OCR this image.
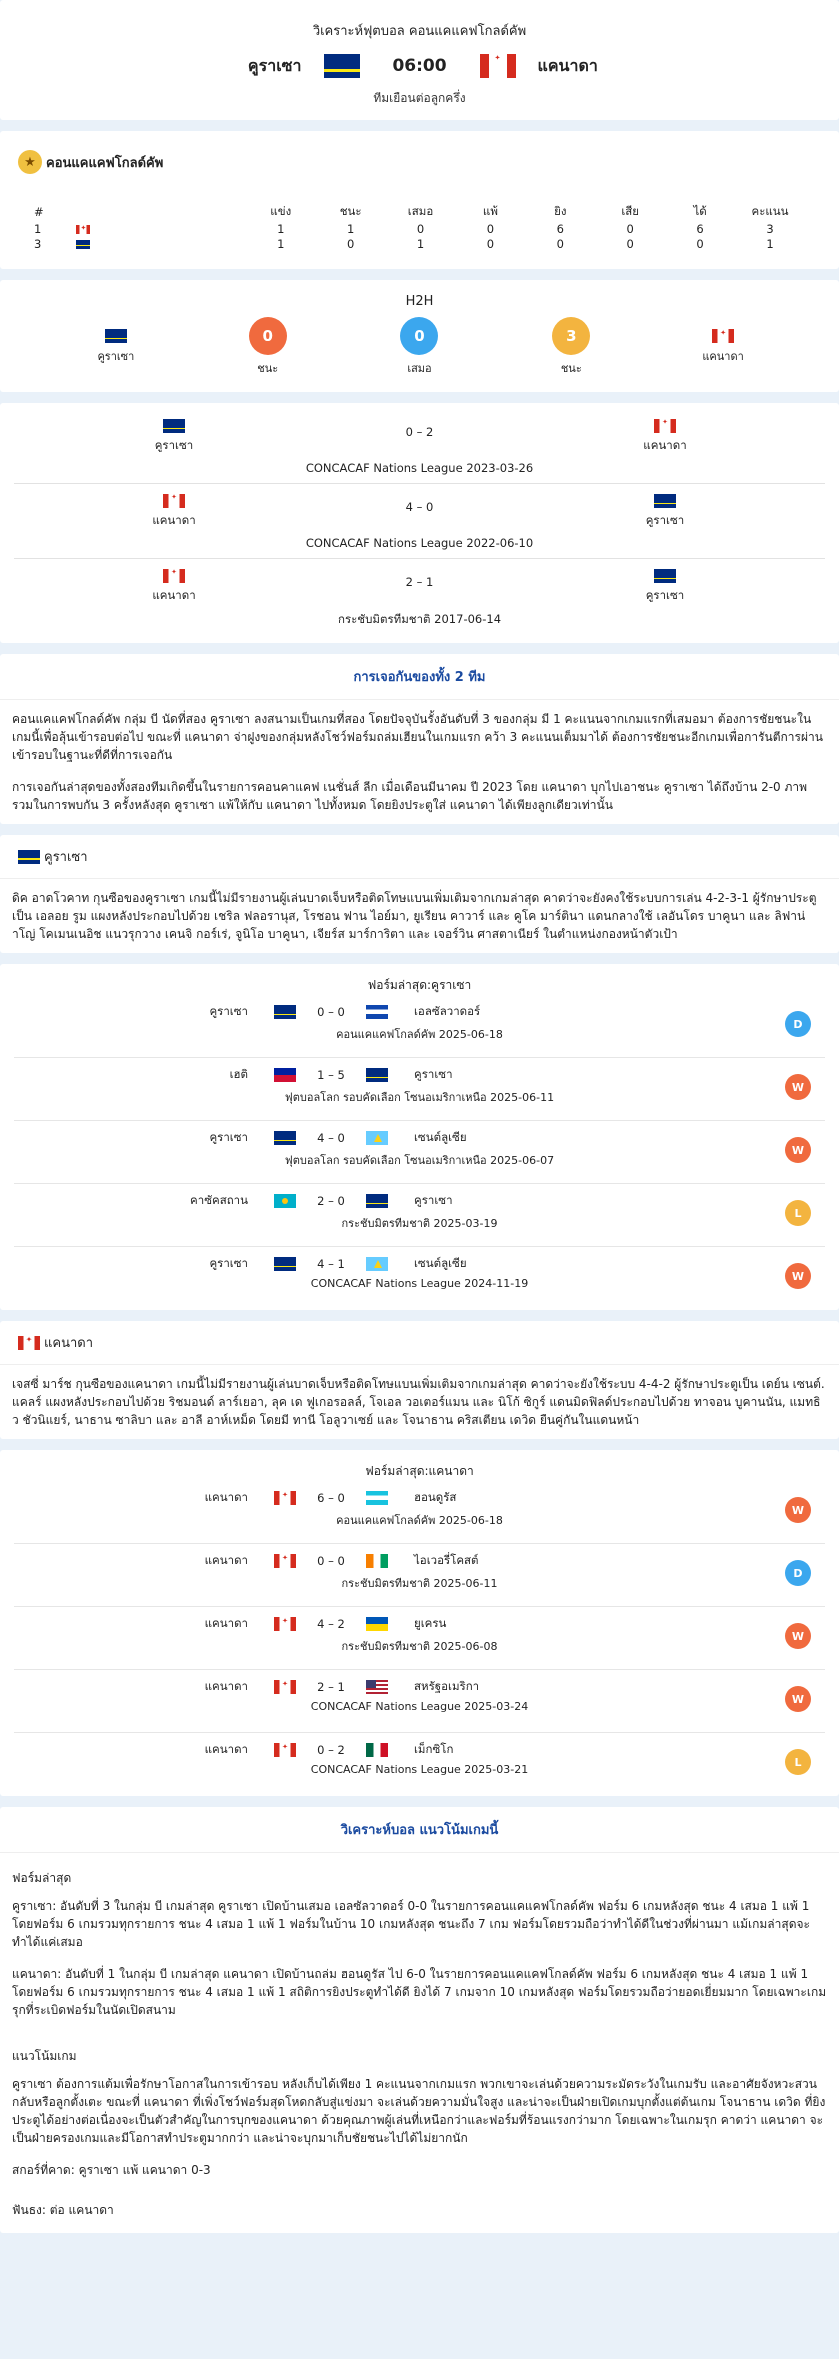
วิเคราะห์ฟุตบอล คอนแคแคฟโกลด์คัพ
คูราเซา	06:00 ✦	แคนาดา
ทีมเยือนต่อลูกครึ่ง
★ คอนแคแคฟโกลด์คัพ
#		แข่ง	ชนะ	เสมอ	แพ้	ยิง	เสีย	ได้	คะแนน
1	✦	1	1	0	0	6	0	6	3
3		1	0	1	0	0	0	0	1
H2H
คูราเซา
0
ชนะ
0
เสมอ
3
ชนะ
✦
แคนาดา
คูราเซา
0 – 2
✦
แคนาดา
CONCACAF Nations League 2023-03-26
✦
แคนาดา
4 – 0
คูราเซา
CONCACAF Nations League 2022-06-10
✦
แคนาดา
2 – 1
คูราเซา
กระชับมิตรทีมชาติ 2017-06-14
การเจอกันของทั้ง 2 ทีม

คอนแคแคฟโกลด์คัพ กลุ่ม บี นัดที่สอง คูราเซา ลงสนามเป็นเกมที่สอง โดยปัจจุบันรั้งอันดับที่ 3 ของกลุ่ม มี 1 คะแนนจากเกมแรกที่เสมอมา ต้องการชัยชนะในเกมนี้เพื่อลุ้นเข้ารอบต่อไป ขณะที่ แคนาดา จ่าฝูงของกลุ่มหลังโชว์ฟอร์มถล่มเฮียนในเกมแรก คว้า 3 คะแนนเต็มมาได้ ต้องการชัยชนะอีกเกมเพื่อการันตีการผ่านเข้ารอบในฐานะที่ดีที่การเจอกัน

การเจอกันล่าสุดของทั้งสองทีมเกิดขึ้นในรายการคอนคาแคฟ เนชั่นส์ ลีก เมื่อเดือนมีนาคม ปี 2023 โดย แคนาดา บุกไปเอาชนะ คูราเซา ได้ถึงบ้าน 2-0 ภาพรวมในการพบกัน 3 ครั้งหลังสุด คูราเซา แพ้ให้กับ แคนาดา ไปทั้งหมด โดยยิงประตูใส่ แคนาดา ได้เพียงลูกเดียวเท่านั้น

คูราเซา
ดิค อาดโวคาท กุนซือของคูราเซา เกมนี้ไม่มีรายงานผู้เล่นบาดเจ็บหรือติดโทษแบนเพิ่มเติมจากเกมล่าสุด คาดว่าจะยังคงใช้ระบบการเล่น 4-2-3-1 ผู้รักษาประตูเป็น เอลอย รูม แผงหลังประกอบไปด้วย เชริล ฟลอรานุส, โรชอน ฟาน ไอย์มา, ยูเรียน คาวาร์ และ คูโค มาร์ตินา แดนกลางใช้ เลอันโดร บาคูนา และ ลิฟาน่าโญ่ โคเมนเนอิช แนวรุกวาง เคนจิ กอร์เร่, จูนิโอ บาคูนา, เจียร์ส มาร์การิตา และ เจอร์วิน ศาสตาเนียร์ ในตำแหน่งกองหน้าตัวเป้า
ฟอร์มล่าสุด:คูราเซา
คูราเซา	0 – 0	เอลซัลวาดอร์
คอนแคแคฟโกลด์คัพ 2025-06-18
D
เฮติ	1 – 5	คูราเซา
ฟุตบอลโลก รอบคัดเลือก โซนอเมริกาเหนือ 2025-06-11
W
คูราเซา	4 – 0	เซนต์ลูเซีย
ฟุตบอลโลก รอบคัดเลือก โซนอเมริกาเหนือ 2025-06-07
W
คาซัคสถาน	2 – 0	คูราเซา
กระชับมิตรทีมชาติ 2025-03-19
L
คูราเซา	4 – 1	เซนต์ลูเซีย
CONCACAF Nations League 2024-11-19
W
✦
แคนาดา
เจสซี่ มาร์ช กุนซือของแคนาดา เกมนี้ไม่มีรายงานผู้เล่นบาดเจ็บหรือติดโทษแบนเพิ่มเติมจากเกมล่าสุด คาดว่าจะยังใช้ระบบ 4-4-2 ผู้รักษาประตูเป็น เดย์น เซนต์. แคลร์ แผงหลังประกอบไปด้วย ริชมอนด์ ลาร์เยอา, ลุค เด ฟูเกอรอลล์, โจเอล วอเตอร์แมน และ นิโก้ ซิกูร์ แดนมิดฟิลด์ประกอบไปด้วย ทาจอน บูคานนัน, แมทธิว ชัวนิแยร์, นาธาน ซาลิบา และ อาลี อาห์เหม็ด โดยมี ทานี โอลูวาเซย์ และ โจนาธาน คริสเตียน เดวิด ยืนคู่กันในแดนหน้า
ฟอร์มล่าสุด:แคนาดา
แคนาดา ✦	6 – 0	ฮอนดูรัส
คอนแคแคฟโกลด์คัพ 2025-06-18
W
แคนาดา ✦	0 – 0	ไอเวอรี่โคสต์
กระชับมิตรทีมชาติ 2025-06-11
D
แคนาดา ✦	4 – 2	ยูเครน
กระชับมิตรทีมชาติ 2025-06-08
W
แคนาดา ✦	2 – 1	สหรัฐอเมริกา
CONCACAF Nations League 2025-03-24
W
แคนาดา ✦	0 – 2	เม็กซิโก
CONCACAF Nations League 2025-03-21
L
วิเคราะห์บอล แนวโน้มเกมนี้
ฟอร์มล่าสุด

คูราเซา: อันดับที่ 3 ในกลุ่ม บี เกมล่าสุด คูราเซา เปิดบ้านเสมอ เอลซัลวาดอร์ 0-0 ในรายการคอนแคแคฟโกลด์คัพ ฟอร์ม 6 เกมหลังสุด ชนะ 4 เสมอ 1 แพ้ 1 โดยฟอร์ม 6 เกมรวมทุกรายการ ชนะ 4 เสมอ 1 แพ้ 1 ฟอร์มในบ้าน 10 เกมหลังสุด ชนะถึง 7 เกม ฟอร์มโดยรวมถือว่าทำได้ดีในช่วงที่ผ่านมา แม้เกมล่าสุดจะทำได้แค่เสมอ

แคนาดา: อันดับที่ 1 ในกลุ่ม บี เกมล่าสุด แคนาดา เปิดบ้านถล่ม ฮอนดูรัส ไป 6-0 ในรายการคอนแคแคฟโกลด์คัพ ฟอร์ม 6 เกมหลังสุด ชนะ 4 เสมอ 1 แพ้ 1 โดยฟอร์ม 6 เกมรวมทุกรายการ ชนะ 4 เสมอ 1 แพ้ 1 สถิติการยิงประตูทำได้ดี ยิงได้ 7 เกมจาก 10 เกมหลังสุด ฟอร์มโดยรวมถือว่ายอดเยี่ยมมาก โดยเฉพาะเกมรุกที่ระเบิดฟอร์มในนัดเปิดสนาม

แนวโน้มเกม

คูราเซา ต้องการแต้มเพื่อรักษาโอกาสในการเข้ารอบ หลังเก็บได้เพียง 1 คะแนนจากเกมแรก พวกเขาจะเล่นด้วยความระมัดระวังในเกมรับ และอาศัยจังหวะสวนกลับหรือลูกตั้งเตะ ขณะที่ แคนาดา ที่เพิ่งโชว์ฟอร์มสุดโหดกลับสู่แข่งมา จะเล่นด้วยความมั่นใจสูง และน่าจะเป็นฝ่ายเปิดเกมบุกตั้งแต่ต้นเกม โจนาธาน เดวิด ที่ยิงประตูได้อย่างต่อเนื่องจะเป็นตัวสำคัญในการบุกของแคนาดา ด้วยคุณภาพผู้เล่นที่เหนือกว่าและฟอร์มที่ร้อนแรงกว่ามาก โดยเฉพาะในเกมรุก คาดว่า แคนาดา จะเป็นฝ่ายครองเกมและมีโอกาสทำประตูมากกว่า และน่าจะบุกมาเก็บชัยชนะไปได้ไม่ยากนัก

สกอร์ที่คาด: คูราเซา แพ้ แคนาดา 0-3

ฟันธง: ต่อ แคนาดา
